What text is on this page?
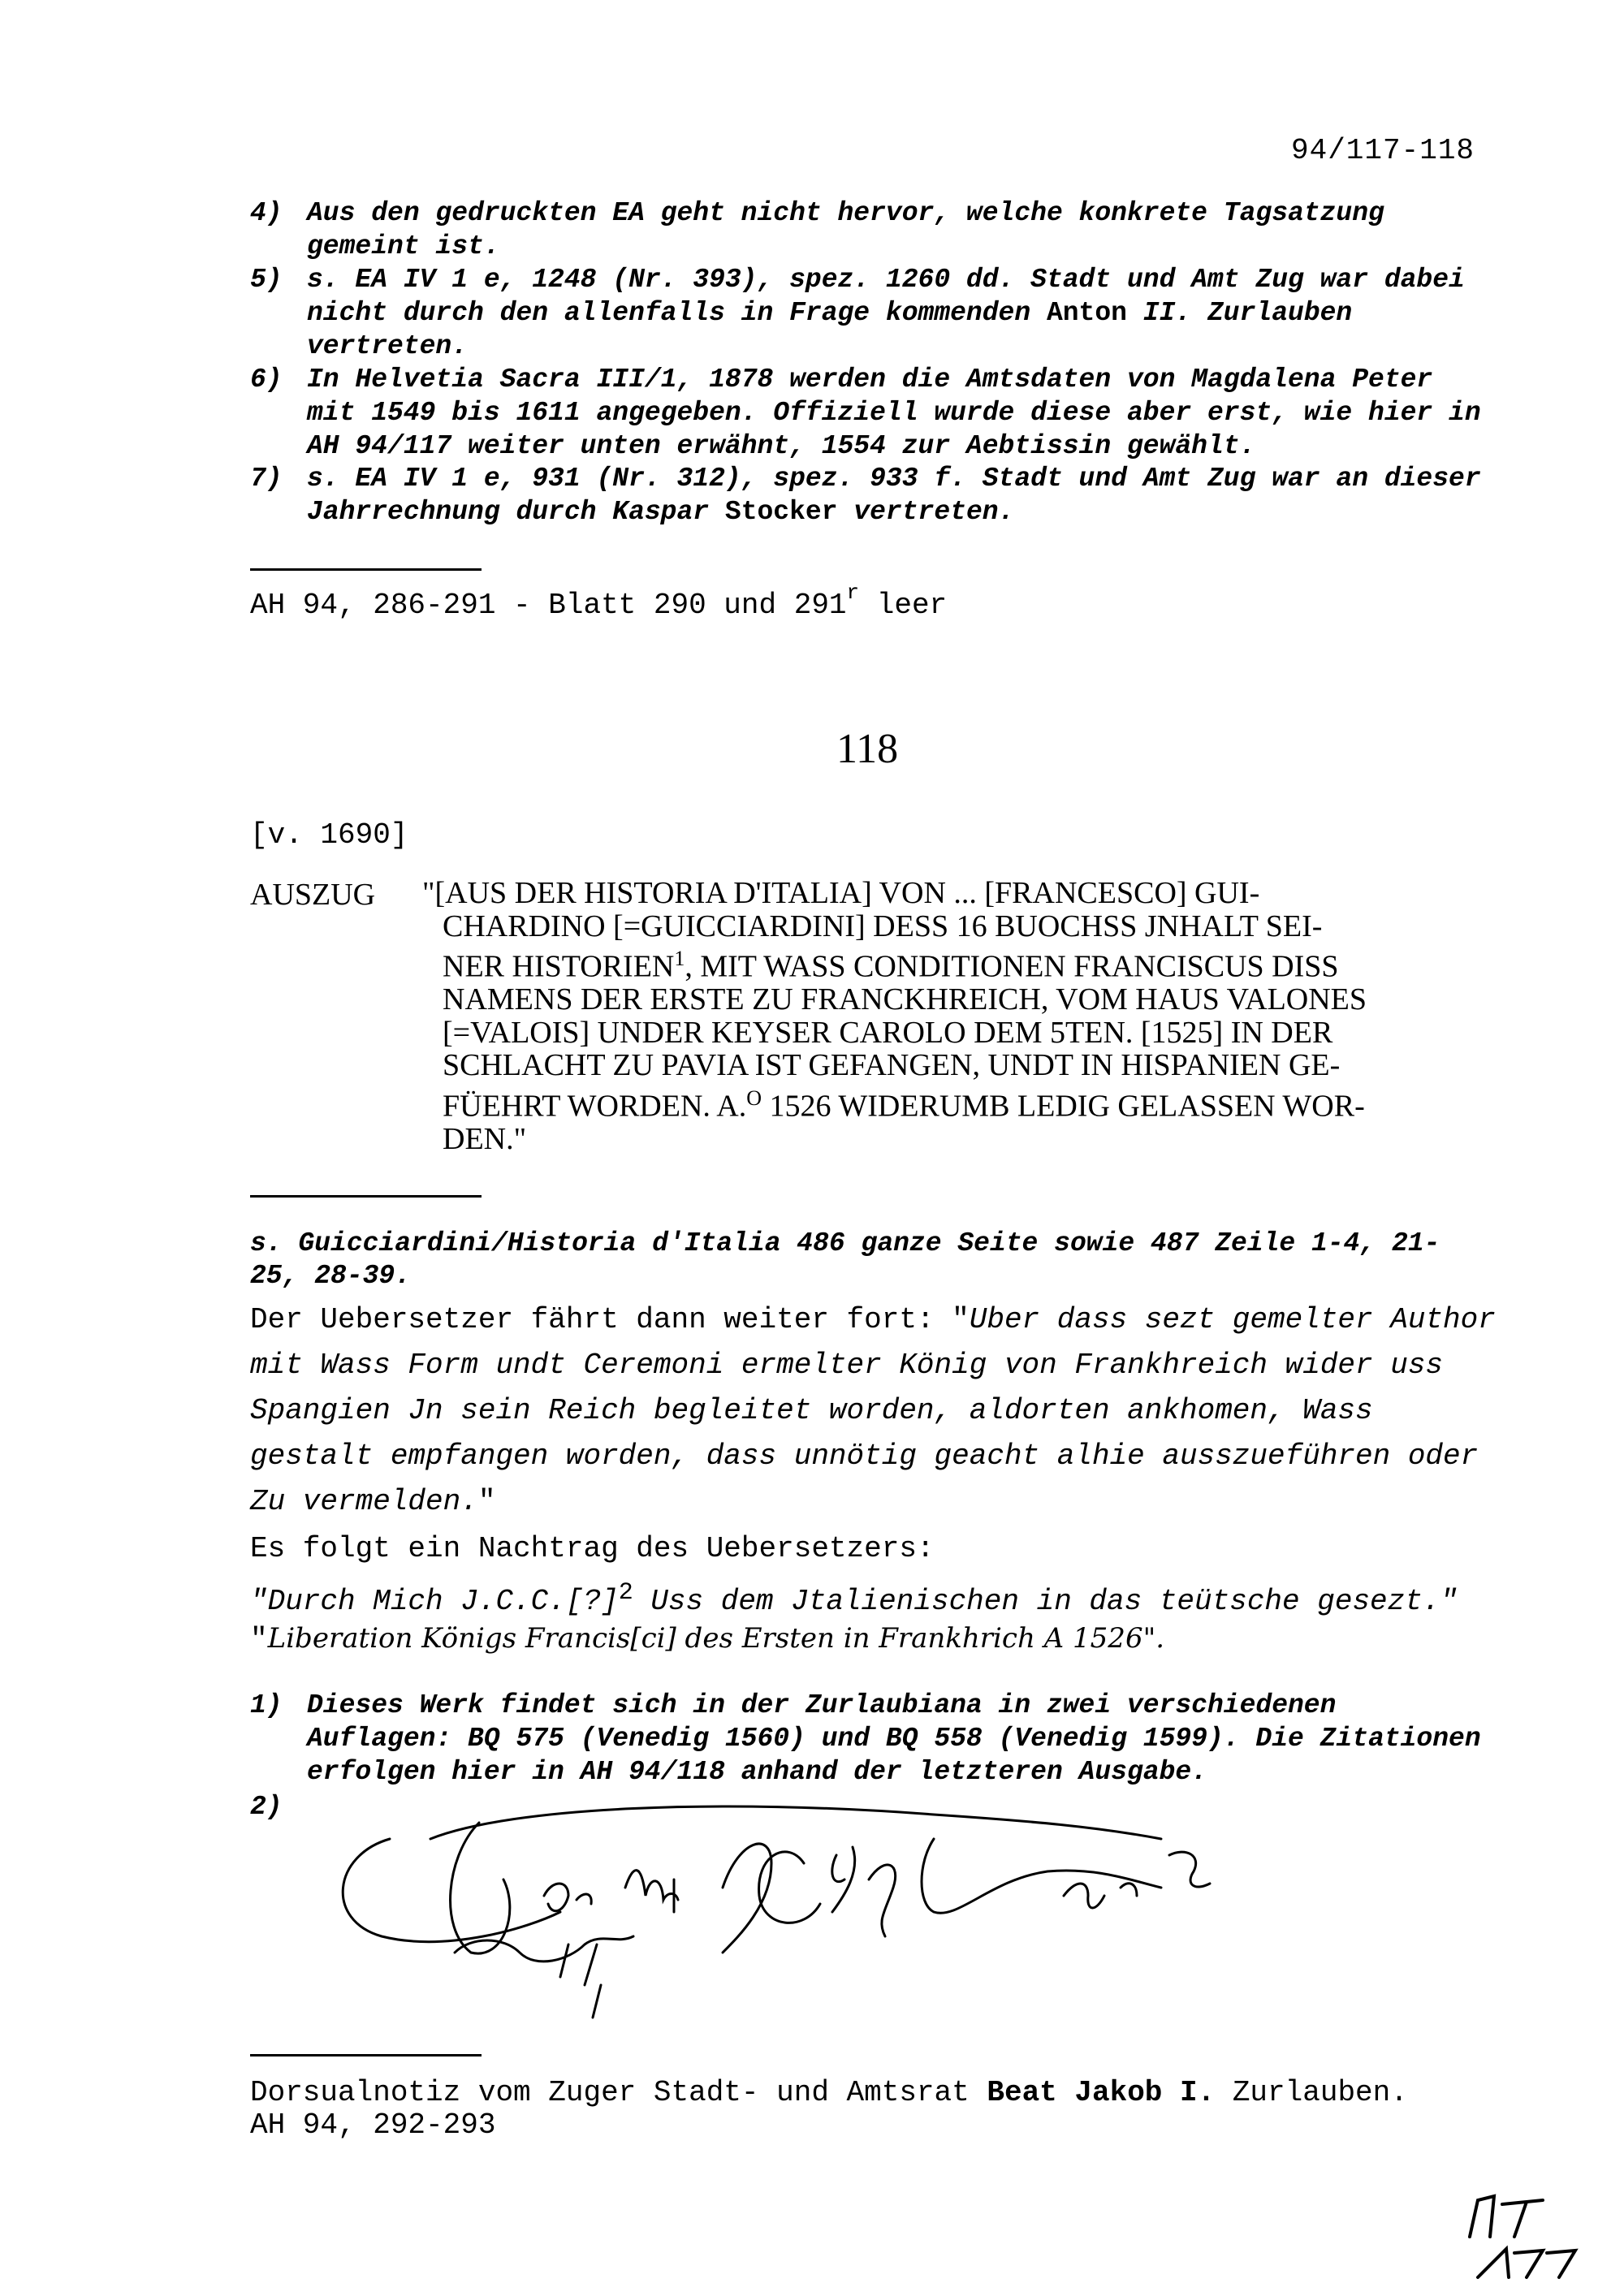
94/117-118
4) Aus den gedruckten EA geht nicht hervor, welche konkrete Tagsatzung gemeint ist.
5) s. EA IV 1 e, 1248 (Nr. 393), spez. 1260 dd. Stadt und Amt Zug war dabei nicht durch den allenfalls in Frage kommenden Anton II. Zurlauben vertreten.
6) In Helvetia Sacra III/1, 1878 werden die Amtsdaten von Magdalena Peter mit 1549 bis 1611 angegeben. Offiziell wurde diese aber erst, wie hier in AH 94/117 weiter unten erwähnt, 1554 zur Aebtissin gewählt.
7) s. EA IV 1 e, 931 (Nr. 312), spez. 933 f. Stadt und Amt Zug war an dieser Jahrrechnung durch Kaspar Stocker vertreten.
AH 94, 286-291 - Blatt 290 und 291$^r$ leer
118
[v. 1690]
AUSZUG "[AUS DER HISTORIA D'ITALIA] VON ... [FRANCESCO] GUI-
CHARDINO [=GUICCIARDINI] DESS 16 BUOCHSS JNHALT SEI-
NER HISTORIEN$^1$, MIT WASS CONDITIONEN FRANCISCUS DISS
NAMENS DER ERSTE ZU FRANCKHREICH, VOM HAUS VALONES
[=VALOIS] UNDER KEYSER CAROLO DEM 5TEN. [1525] IN DER
SCHLACHT ZU PAVIA IST GEFANGEN, UNDT IN HISPANIEN GE-
FÜEHRT WORDEN. A.$^O$ 1526 WIDERUMB LEDIG GELASSEN WOR-
DEN."
s. Guicciardini/Historia d'Italia 486 ganze Seite sowie 487 Zeile 1-4, 21-25, 28-39.
Der Uebersetzer fährt dann weiter fort: "Uber dass sezt gemelter Author mit Wass Form undt Ceremoni ermelter König von Frankhreich wider uss Spangien Jn sein Reich begleitet worden, aldorten ankhomen, Wass gestalt empfangen worden, dass unnötig geacht alhie ausszueführen oder Zu vermelden."
Es folgt ein Nachtrag des Uebersetzers:
"Durch Mich J.C.C.[?]$^2$ Uss dem Jtalienischen in das teütsche gesezt."
"Liberation Königs Francis[ci] des Ersten in Frankhrich A 1526".
1) Dieses Werk findet sich in der Zurlaubiana in zwei verschiedenen Auflagen: BQ 575 (Venedig 1560) und BQ 558 (Venedig 1599). Die Zitationen erfolgen hier in AH 94/118 anhand der letzteren Ausgabe.
2)
Dorsualnotiz vom Zuger Stadt- und Amtsrat Beat Jakob I. Zurlauben.
AH 94, 292-293
